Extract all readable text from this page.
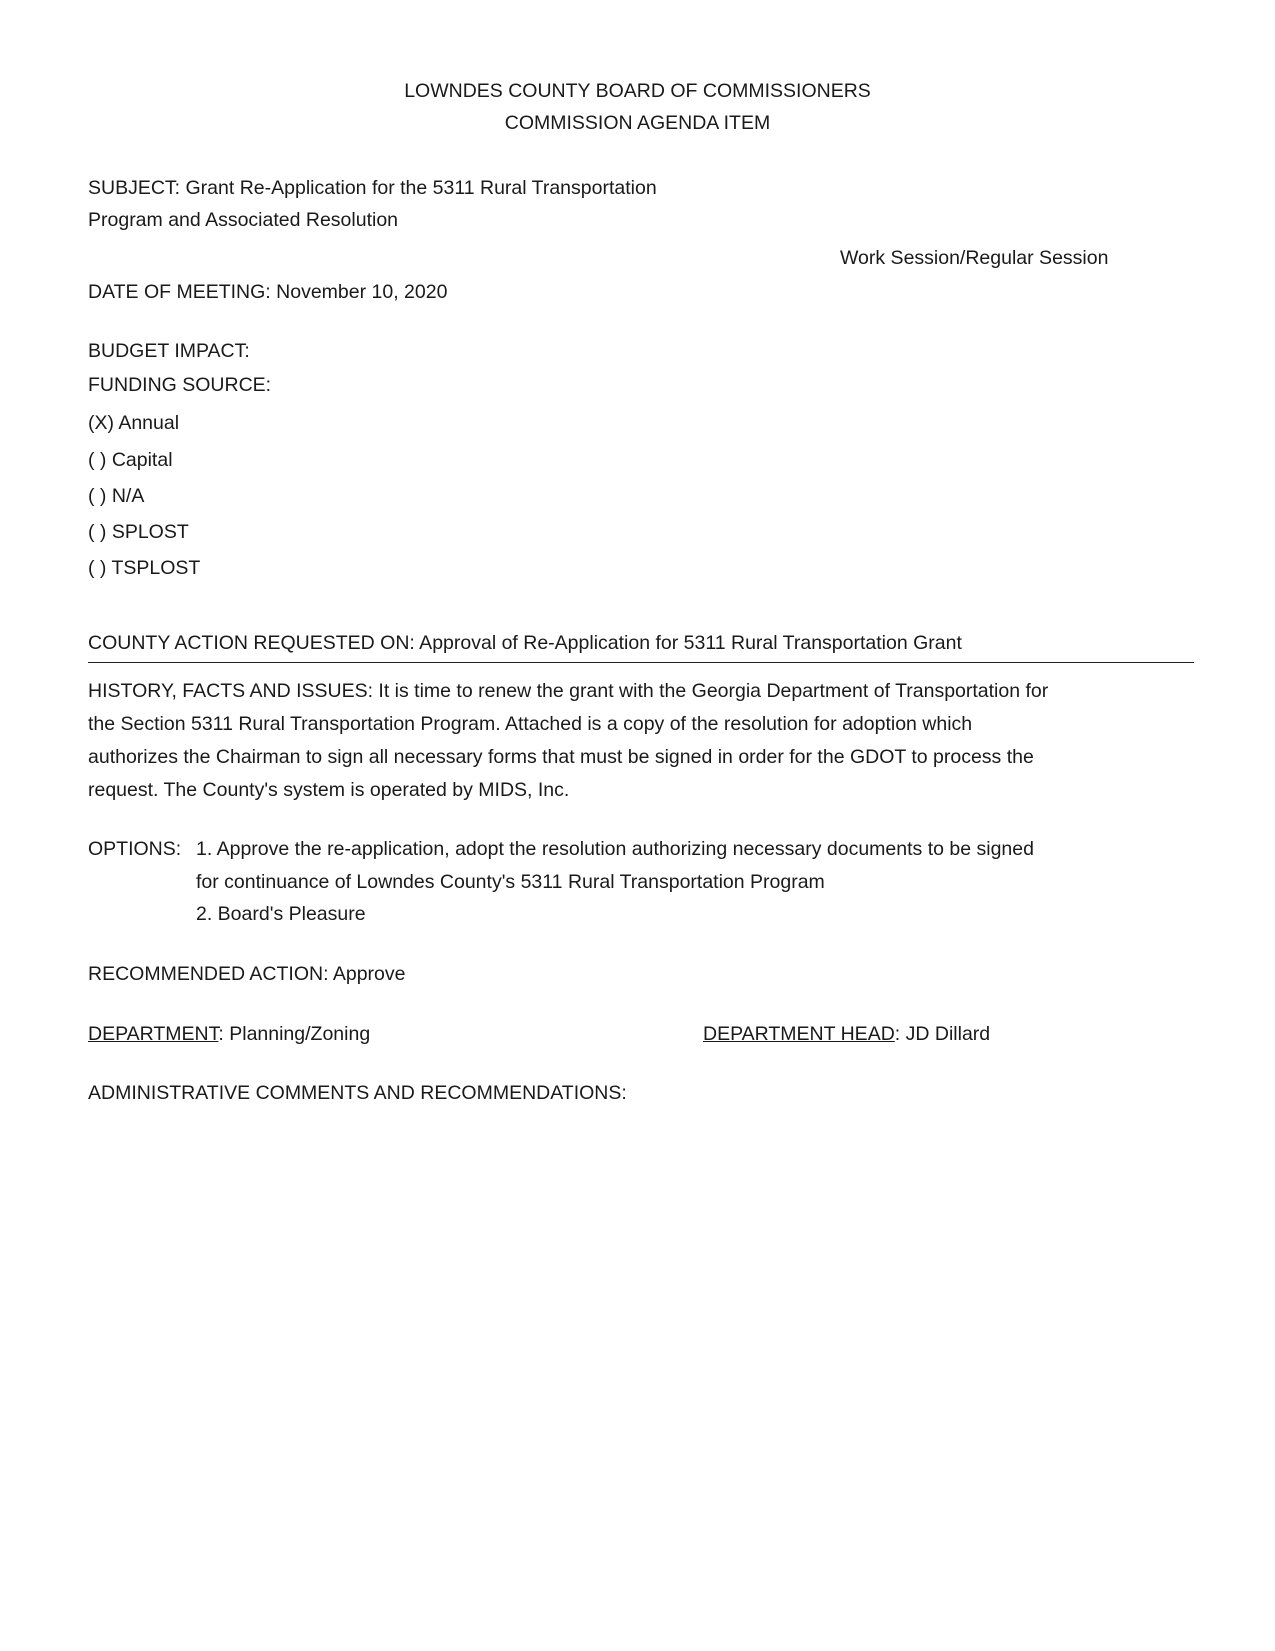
LOWNDES COUNTY BOARD OF COMMISSIONERS
COMMISSION AGENDA ITEM
SUBJECT: Grant Re-Application for the 5311 Rural Transportation
Program and Associated Resolution
Work Session/Regular Session
DATE OF MEETING: November 10, 2020
BUDGET IMPACT:
FUNDING SOURCE:
(X) Annual
( ) Capital
( ) N/A
( ) SPLOST
( ) TSPLOST
COUNTY ACTION REQUESTED ON: Approval of Re-Application for 5311 Rural Transportation Grant
HISTORY, FACTS AND ISSUES: It is time to renew the grant with the Georgia Department of Transportation for
the Section 5311 Rural Transportation Program. Attached is a copy of the resolution for adoption which
authorizes the Chairman to sign all necessary forms that must be signed in order for the GDOT to process the
request. The County's system is operated by MIDS, Inc.
OPTIONS: 1. Approve the re-application, adopt the resolution authorizing necessary documents to be signed
for continuance of Lowndes County's 5311 Rural Transportation Program
2. Board's Pleasure
RECOMMENDED ACTION: Approve
DEPARTMENT: Planning/Zoning	DEPARTMENT HEAD: JD Dillard
ADMINISTRATIVE COMMENTS AND RECOMMENDATIONS:
